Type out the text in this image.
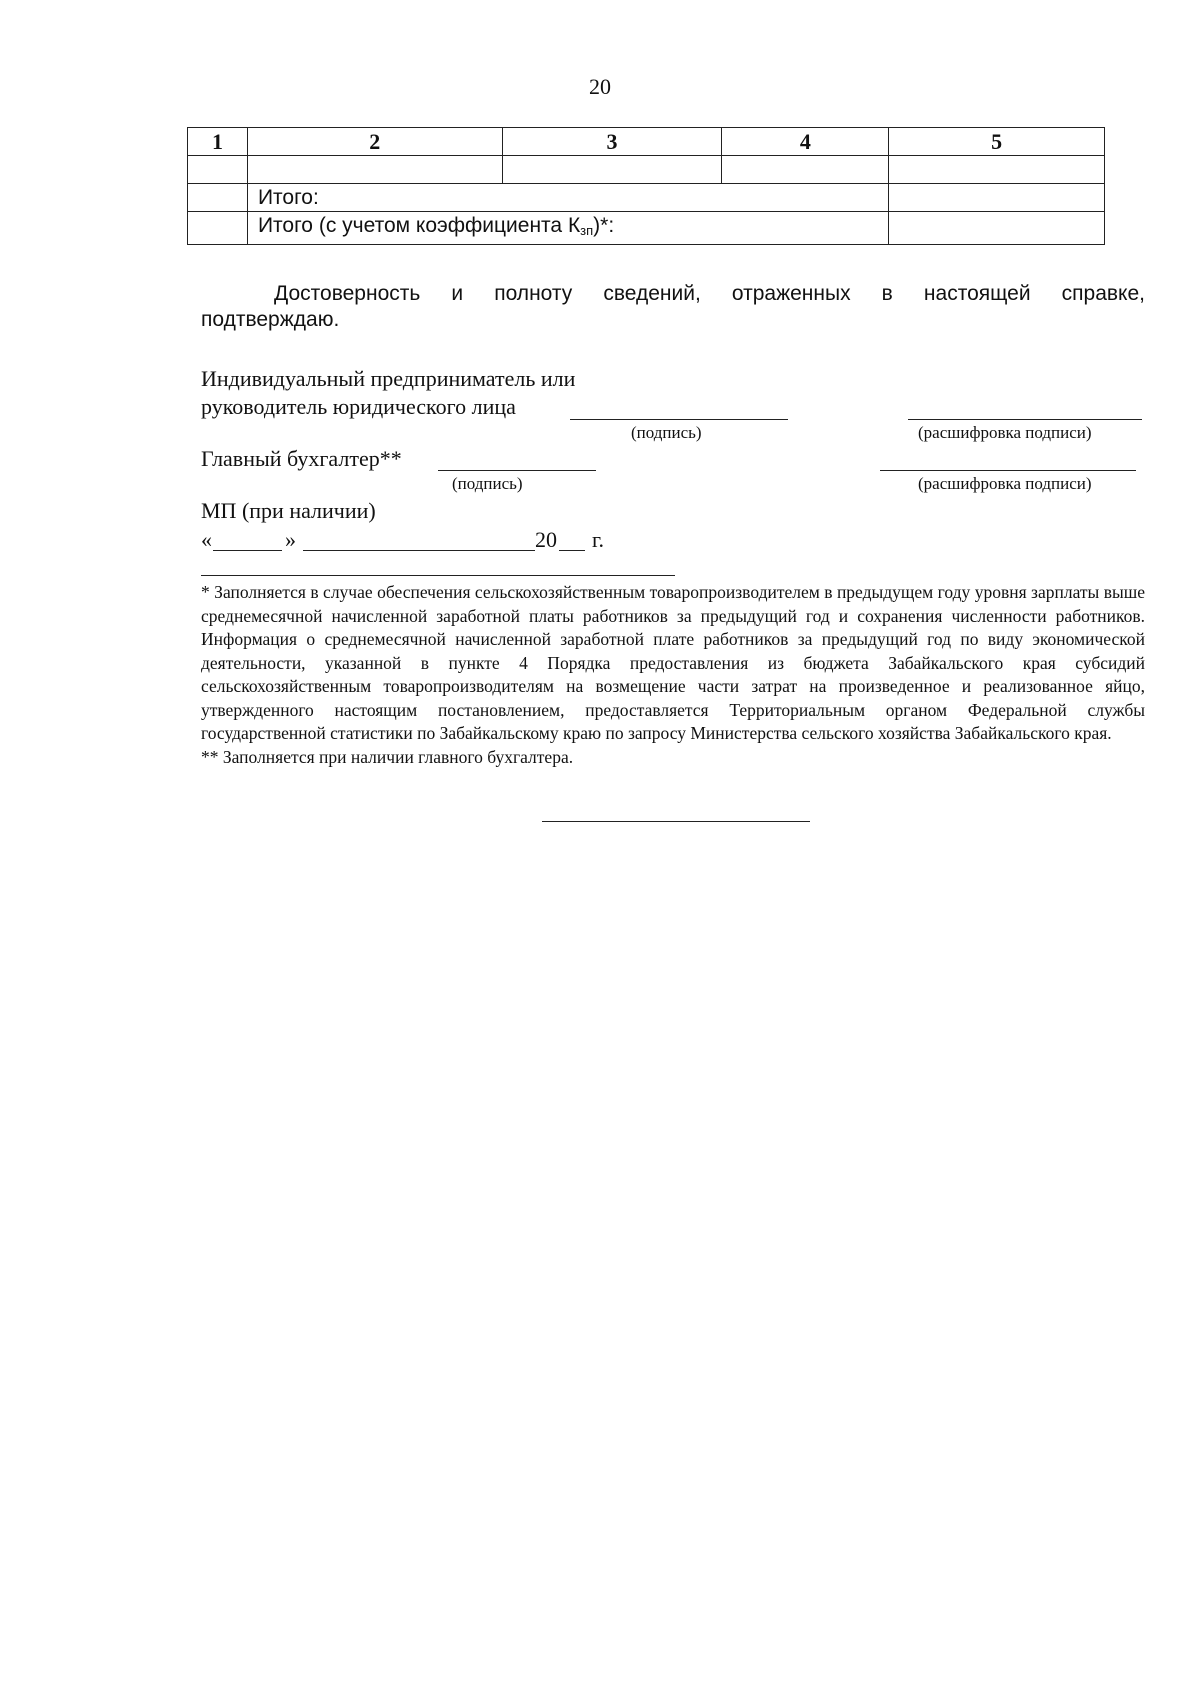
20
1	2	3	4	5

	Итого:			
	Итого (с учетом коэффициента $К_{зп})*$:			
Достоверность и полноту сведений, отраженных в настоящей справке,
подтверждаю.
Индивидуальный предприниматель или
руководитель юридического лица
(подпись)	(расшифровка подписи)
Главный бухгалтер**
(подпись)	(расшифровка подписи)
МП (при наличии)
«	»	20 г.

* Заполняется в случае обеспечения сельскохозяйственным товаропроизводителем в предыдущем году уровня зарплаты выше среднемесячной начисленной заработной платы работников за предыдущий год и сохранения численности работников. Информация о среднемесячной начисленной заработной плате работников за предыдущий год по виду экономической деятельности, указанной в пункте 4 Порядка предоставления из бюджета Забайкальского края субсидий сельскохозяйственным товаропроизводителям на возмещение части затрат на произведенное и реализованное яйцо, утвержденного настоящим постановлением, предоставляется Территориальным органом Федеральной службы государственной статистики по Забайкальскому краю по запросу Министерства сельского хозяйства Забайкальского края.

** Заполняется при наличии главного бухгалтера.
